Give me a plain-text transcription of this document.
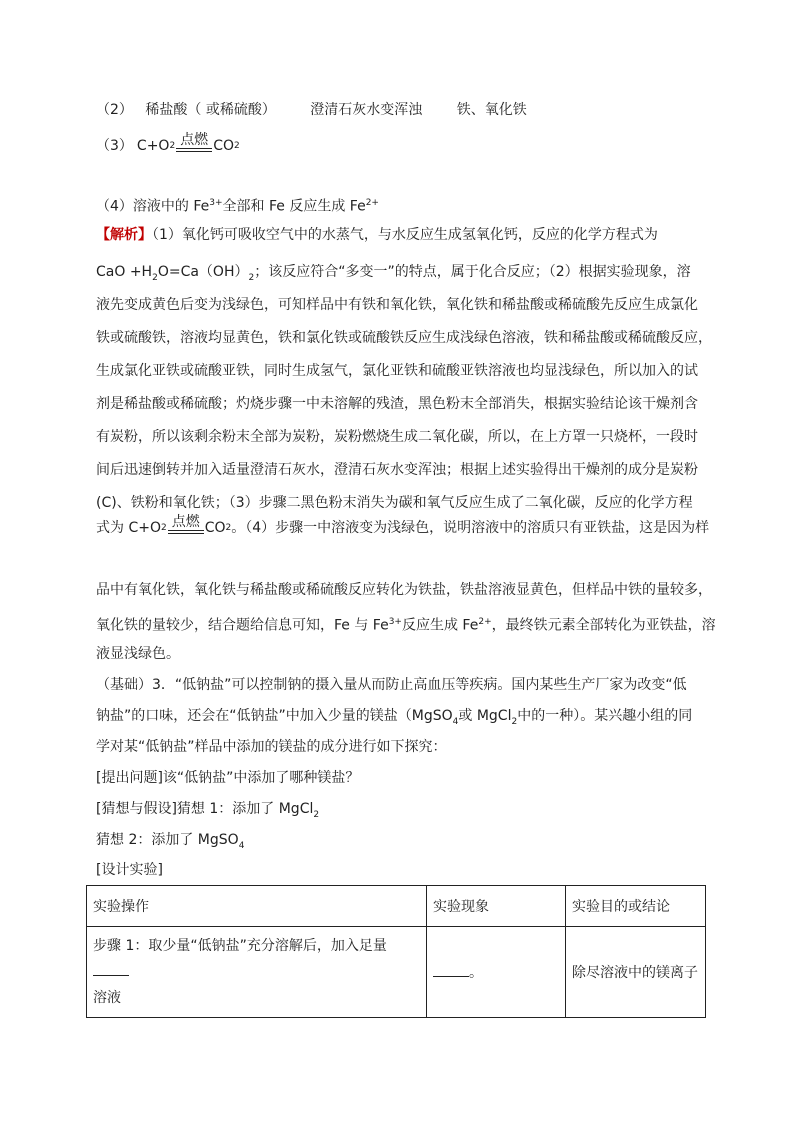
（2） 稀盐酸（ 或稀硫酸） 澄清石灰水变浑浊 铁、氧化铁
（3） C+O 2 点燃 CO 2
（4）溶液中的 $Fe^{3+}$全部和 Fe 反应生成 $Fe^{2+}$
【解析】（1）氧化钙可吸收空气中的水蒸气，与水反应生成氢氧化钙，反应的化学方程式为
CaO $+H_2O=Ca(OH)_2$；该反应符合“多变一”的特点，属于化合反应；（2）根据实验现象，溶
液先变成黄色后变为浅绿色，可知样品中有铁和氧化铁，氧化铁和稀盐酸或稀硫酸先反应生成氯化
铁或硫酸铁，溶液均显黄色，铁和氯化铁或硫酸铁反应生成浅绿色溶液，铁和稀盐酸或稀硫酸反应，
生成氯化亚铁或硫酸亚铁，同时生成氢气，氯化亚铁和硫酸亚铁溶液也均显浅绿色，所以加入的试
剂是稀盐酸或稀硫酸；灼烧步骤一中未溶解的残渣，黑色粉末全部消失，根据实验结论该干燥剂含
有炭粉，所以该剩余粉末全部为炭粉，炭粉燃烧生成二氧化碳，所以，在上方罩一只烧杯，一段时
间后迅速倒转并加入适量澄清石灰水，澄清石灰水变浑浊；根据上述实验得出干燥剂的成分是炭粉
(C)、铁粉和氧化铁；（3）步骤二黑色粉末消失为碳和氧气反应生成了二氧化碳，反应的化学方程
式为 C+O 2 点燃 CO 2 。（4）步骤一中溶液变为浅绿色，说明溶液中的溶质只有亚铁盐，这是因为样
品中有氧化铁，氧化铁与稀盐酸或稀硫酸反应转化为铁盐，铁盐溶液显黄色，但样品中铁的量较多，
氧化铁的量较少，结合题给信息可知，Fe 与 $Fe^{3+}$反应生成 $Fe^{2+}$，最终铁元素全部转化为亚铁盐，溶
液显浅绿色。
（基础）3．“低钠盐”可以控制钠的摄入量从而防止高血压等疾病。国内某些生产厂家为改变“低
钠盐”的口味，还会在“低钠盐”中加入少量的镁盐（MgSO$_4$或 MgCl$_2$中的一种）。某兴趣小组的同
学对某“低钠盐”样品中添加的镁盐的成分进行如下探究：
[提出问题]该“低钠盐”中添加了哪种镁盐？
[猜想与假设]猜想 1：添加了 MgCl$_2$
猜想 2：添加了 MgSO$_4$
[设计实验]
实验操作	实验现象	实验目的或结论
步骤 1：取少量“低钠盐”充分溶解后，加入足量
溶液	。	除尽溶液中的镁离子
